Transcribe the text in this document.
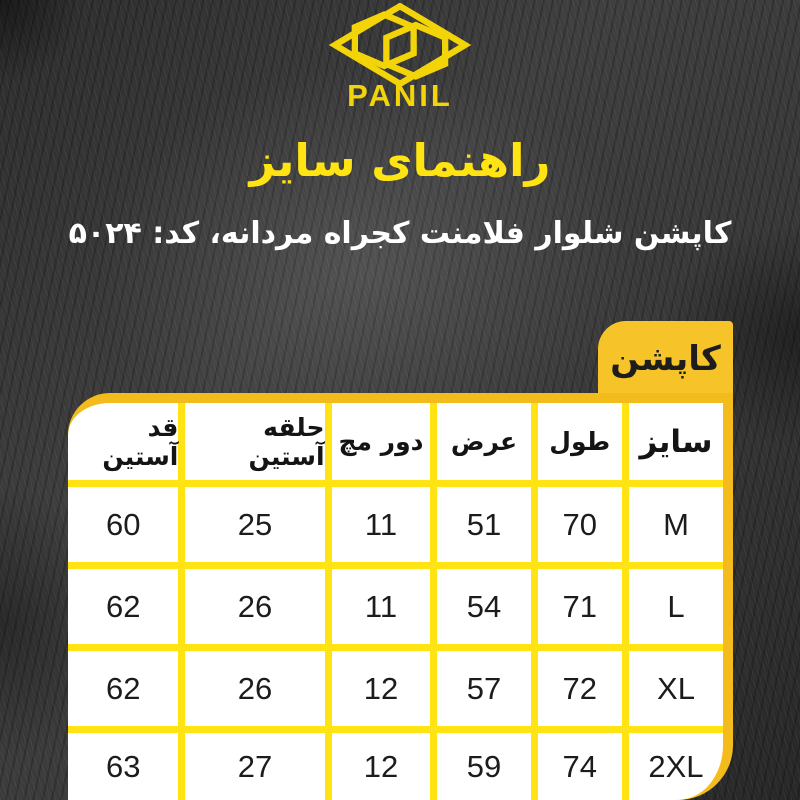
PANIL
راهنمای سایز
کاپشن شلوار فلامنت کجراه مردانه، کد: ۵۰۲۴
کاپشن
سایز
طول
عرض
دور مچ
حلقه آستین
قد آستین
M
70
51
11
25
60
L
71
54
11
26
62
XL
72
57
12
26
62
2XL
74
59
12
27
63
